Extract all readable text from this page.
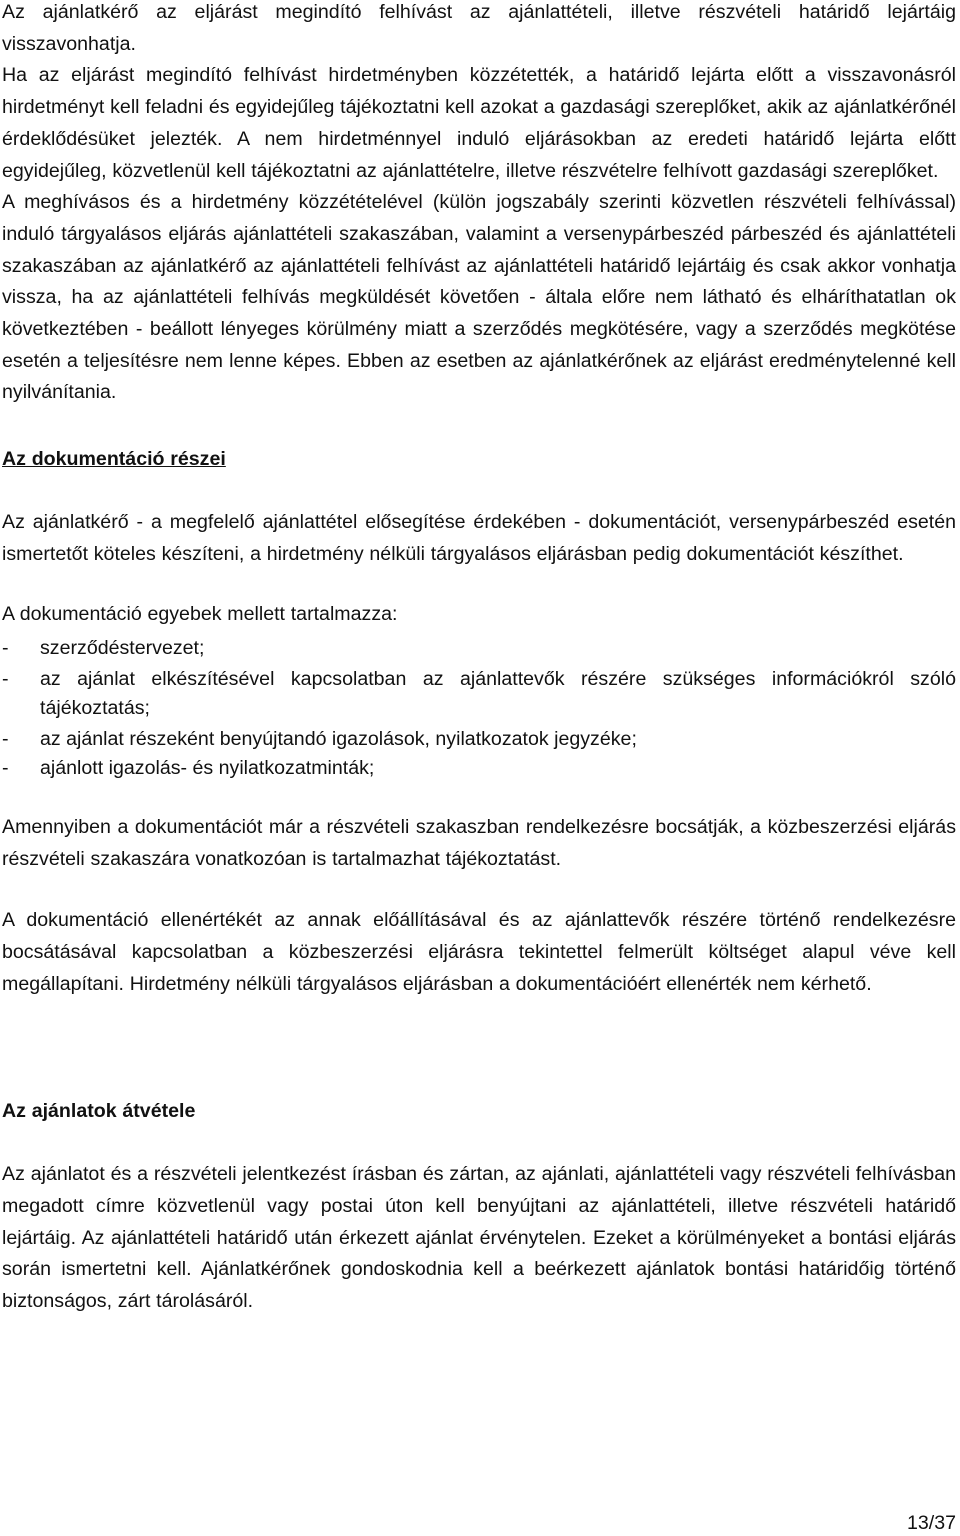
Az ajánlatkérő az eljárást megindító felhívást az ajánlattételi, illetve részvételi határidő lejártáig visszavonhatja.

Ha az eljárást megindító felhívást hirdetményben közzétették, a határidő lejárta előtt a visszavonásról hirdetményt kell feladni és egyidejűleg tájékoztatni kell azokat a gazdasági szereplőket, akik az ajánlatkérőnél érdeklődésüket jelezték. A nem hirdetménnyel induló eljárásokban az eredeti határidő lejárta előtt egyidejűleg, közvetlenül kell tájékoztatni az ajánlattételre, illetve részvételre felhívott gazdasági szereplőket.

A meghívásos és a hirdetmény közzétételével (külön jogszabály szerinti közvetlen részvételi felhívással) induló tárgyalásos eljárás ajánlattételi szakaszában, valamint a versenypárbeszéd párbeszéd és ajánlattételi szakaszában az ajánlatkérő az ajánlattételi felhívást az ajánlattételi határidő lejártáig és csak akkor vonhatja vissza, ha az ajánlattételi felhívás megküldését követően - általa előre nem látható és elháríthatatlan ok következtében - beállott lényeges körülmény miatt a szerződés megkötésére, vagy a szerződés megkötése esetén a teljesítésre nem lenne képes. Ebben az esetben az ajánlatkérőnek az eljárást eredménytelenné kell nyilvánítania.

Az dokumentáció részei

Az ajánlatkérő - a megfelelő ajánlattétel elősegítése érdekében - dokumentációt, versenypárbeszéd esetén ismertetőt köteles készíteni, a hirdetmény nélküli tárgyalásos eljárásban pedig dokumentációt készíthet.

A dokumentáció egyebek mellett tartalmazza:

- szerződéstervezet;
- az ajánlat elkészítésével kapcsolatban az ajánlattevők részére szükséges információkról szóló tájékoztatás;
- az ajánlat részeként benyújtandó igazolások, nyilatkozatok jegyzéke;
- ajánlott igazolás- és nyilatkozatminták;

Amennyiben a dokumentációt már a részvételi szakaszban rendelkezésre bocsátják, a közbeszerzési eljárás részvételi szakaszára vonatkozóan is tartalmazhat tájékoztatást.

A dokumentáció ellenértékét az annak előállításával és az ajánlattevők részére történő rendelkezésre bocsátásával kapcsolatban a közbeszerzési eljárásra tekintettel felmerült költséget alapul véve kell megállapítani. Hirdetmény nélküli tárgyalásos eljárásban a dokumentációért ellenérték nem kérhető.

Az ajánlatok átvétele

Az ajánlatot és a részvételi jelentkezést írásban és zártan, az ajánlati, ajánlattételi vagy részvételi felhívásban megadott címre közvetlenül vagy postai úton kell benyújtani az ajánlattételi, illetve részvételi határidő lejártáig. Az ajánlattételi határidő után érkezett ajánlat érvénytelen. Ezeket a körülményeket a bontási eljárás során ismertetni kell. Ajánlatkérőnek gondoskodnia kell a beérkezett ajánlatok bontási határidőig történő biztonságos, zárt tárolásáról.

13/37
